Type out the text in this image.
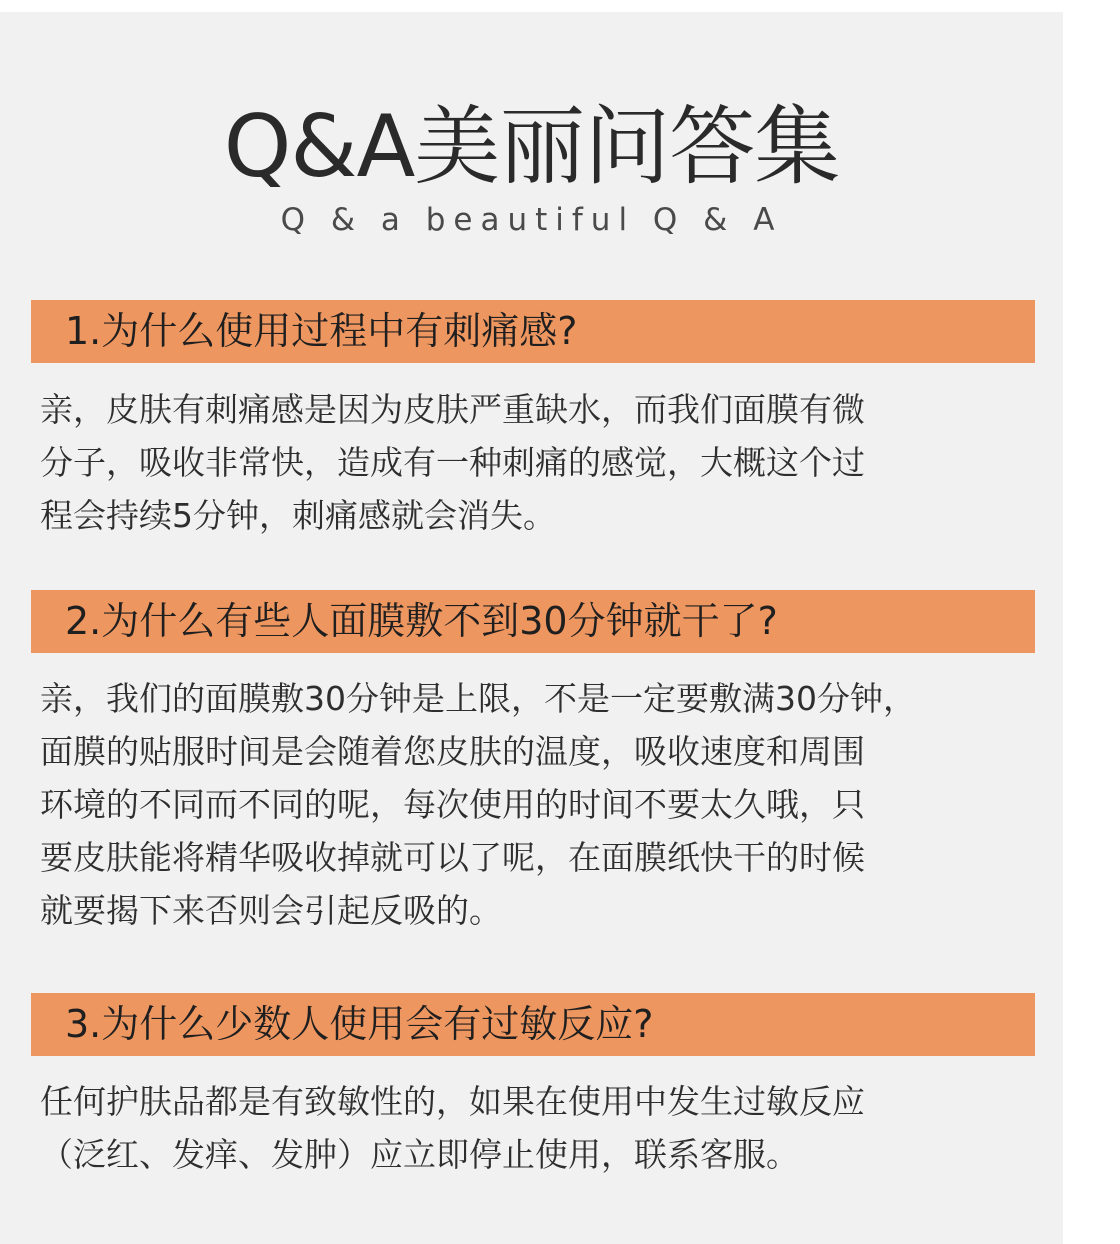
Q&A美丽问答集
Q & a beautiful Q & A
1.为什么使用过程中有刺痛感?
亲，皮肤有刺痛感是因为皮肤严重缺水，而我们面膜有微
分子，吸收非常快，造成有一种刺痛的感觉，大概这个过
程会持续5分钟，刺痛感就会消失。
2.为什么有些人面膜敷不到30分钟就干了?
亲，我们的面膜敷30分钟是上限，不是一定要敷满30分钟，
面膜的贴服时间是会随着您皮肤的温度，吸收速度和周围
环境的不同而不同的呢，每次使用的时间不要太久哦，只
要皮肤能将精华吸收掉就可以了呢，在面膜纸快干的时候
就要揭下来否则会引起反吸的。
3.为什么少数人使用会有过敏反应?
任何护肤品都是有致敏性的，如果在使用中发生过敏反应
（泛红、发痒、发肿）应立即停止使用，联系客服。
